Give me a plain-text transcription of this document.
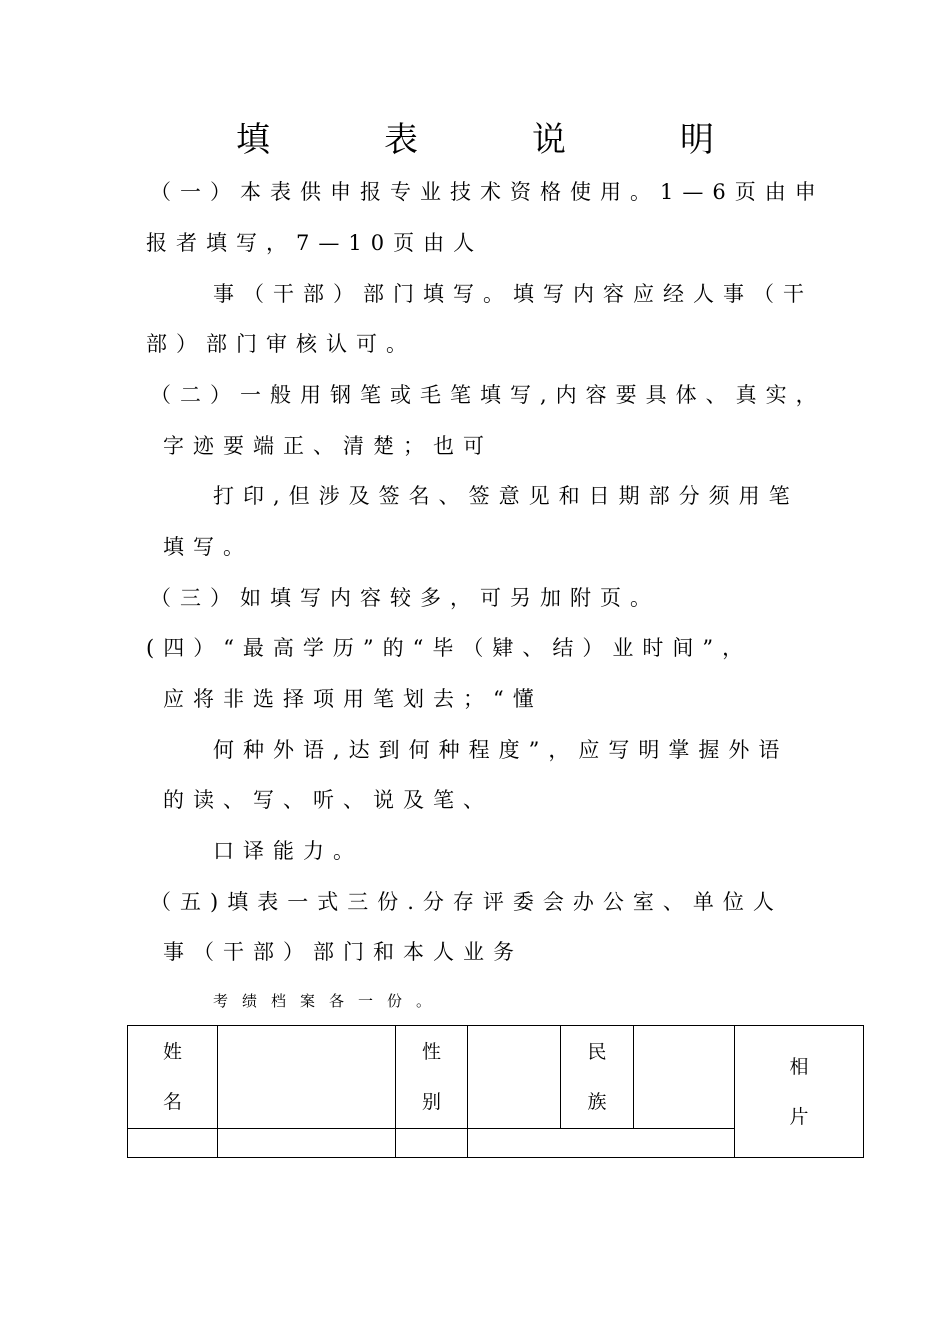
填　表　说　明
（一）本表供申报专业技术资格使用。1—6页由申
报者填写，7—10页由人
事（干部）部门填写。填写内容应经人事（干
部）部门审核认可。
（二）一般用钢笔或毛笔填写,内容要具体、真实，
字迹要端正、清楚；也可
打印,但涉及签名、签意见和日期部分须用笔
填写。
（三）如填写内容较多，可另加附页。
(四）“最高学历”的“毕（肄、结）业时间”，
应将非选择项用笔划去；“懂
何种外语,达到何种程度”，应写明掌握外语
的读、写、听、说及笔、
口译能力。
（五)填表一式三份.分存评委会办公室、单位人
事（干部）部门和本人业务
考绩档案各一份。
姓名		性别		民族		相片
